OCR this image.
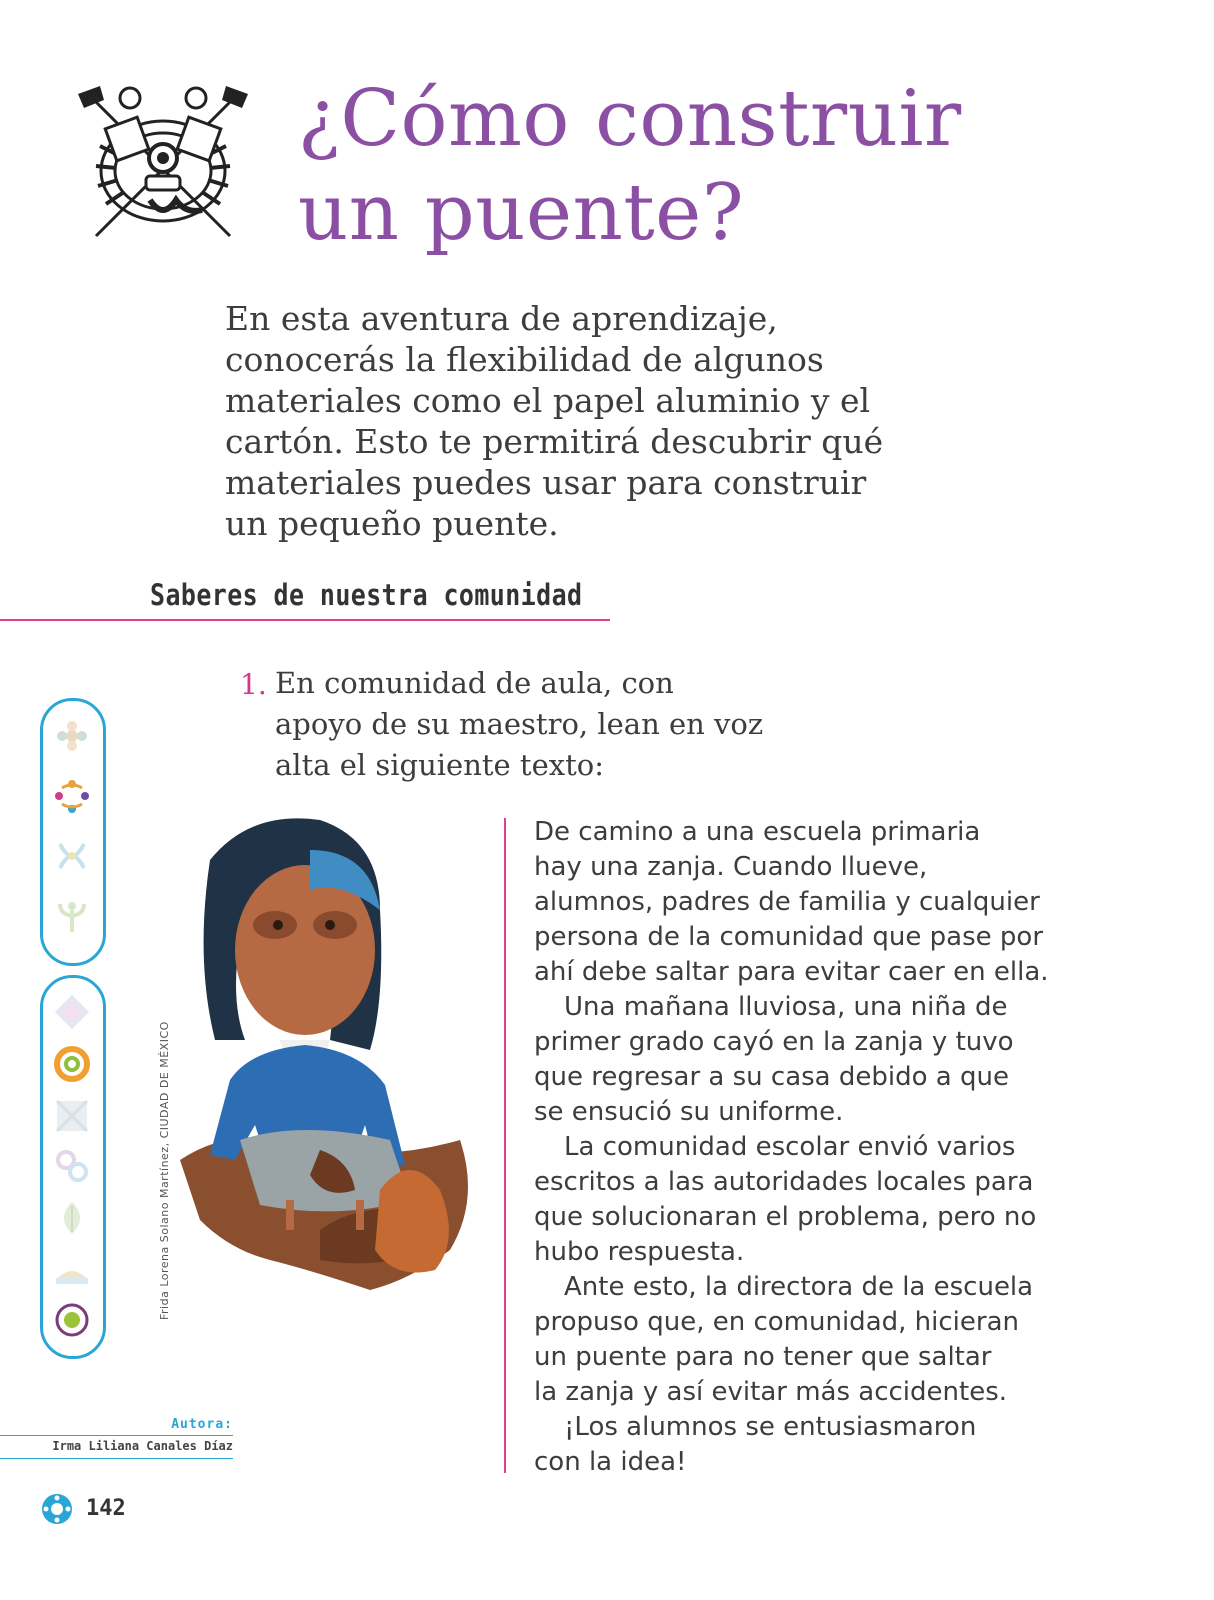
¿Cómo construir
un puente?

En esta aventura de aprendizaje,
conocerás la flexibilidad de algunos
materiales como el papel aluminio y el
cartón. Esto te permitirá descubrir qué
materiales puedes usar para construir
un pequeño puente.

Saberes de nuestra comunidad
1. En comunidad de aula, con
apoyo de su maestro, lean en voz
alta el siguiente texto:

Frida Lorena Solano Martínez, CIUDAD DE MÉXICO

De camino a una escuela primaria
hay una zanja. Cuando llueve,
alumnos, padres de familia y cualquier
persona de la comunidad que pase por
ahí debe saltar para evitar caer en ella.

Una mañana lluviosa, una niña de
primer grado cayó en la zanja y tuvo
que regresar a su casa debido a que
se ensució su uniforme.

La comunidad escolar envió varios
escritos a las autoridades locales para
que solucionaran el problema, pero no
hubo respuesta.

Ante esto, la directora de la escuela
propuso que, en comunidad, hicieran
un puente para no tener que saltar
la zanja y así evitar más accidentes.

¡Los alumnos se entusiasmaron
con la idea!

Autora:
Irma Liliana Canales Díaz
142
